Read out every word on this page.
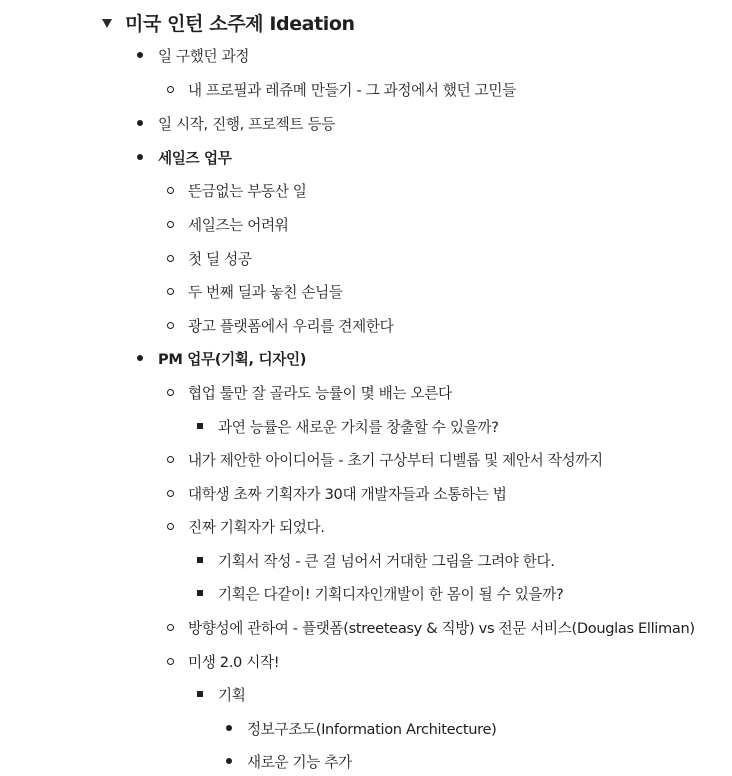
미국 인턴 소주제 Ideation
일 구했던 과정
내 프로필과 레쥬메 만들기 - 그 과정에서 했던 고민들
일 시작, 진행, 프로젝트 등등
세일즈 업무
뜬금없는 부동산 일
세일즈는 어려워
첫 딜 성공
두 번째 딜과 놓친 손님들
광고 플랫폼에서 우리를 견제한다
PM 업무(기획, 디자인)
협업 툴만 잘 골라도 능률이 몇 배는 오른다
과연 능률은 새로운 가치를 창출할 수 있을까?
내가 제안한 아이디어들 - 초기 구상부터 디벨롭 및 제안서 작성까지
대학생 초짜 기획자가 30대 개발자들과 소통하는 법
진짜 기획자가 되었다.
기획서 작성 - 큰 걸 넘어서 거대한 그림을 그려야 한다.
기획은 다같이! 기획디자인개발이 한 몸이 될 수 있을까?
방향성에 관하여 - 플랫폼(streeteasy & 직방) vs 전문 서비스(Douglas Elliman)
미생 2.0 시작!
기획
정보구조도(Information Architecture)
새로운 기능 추가
